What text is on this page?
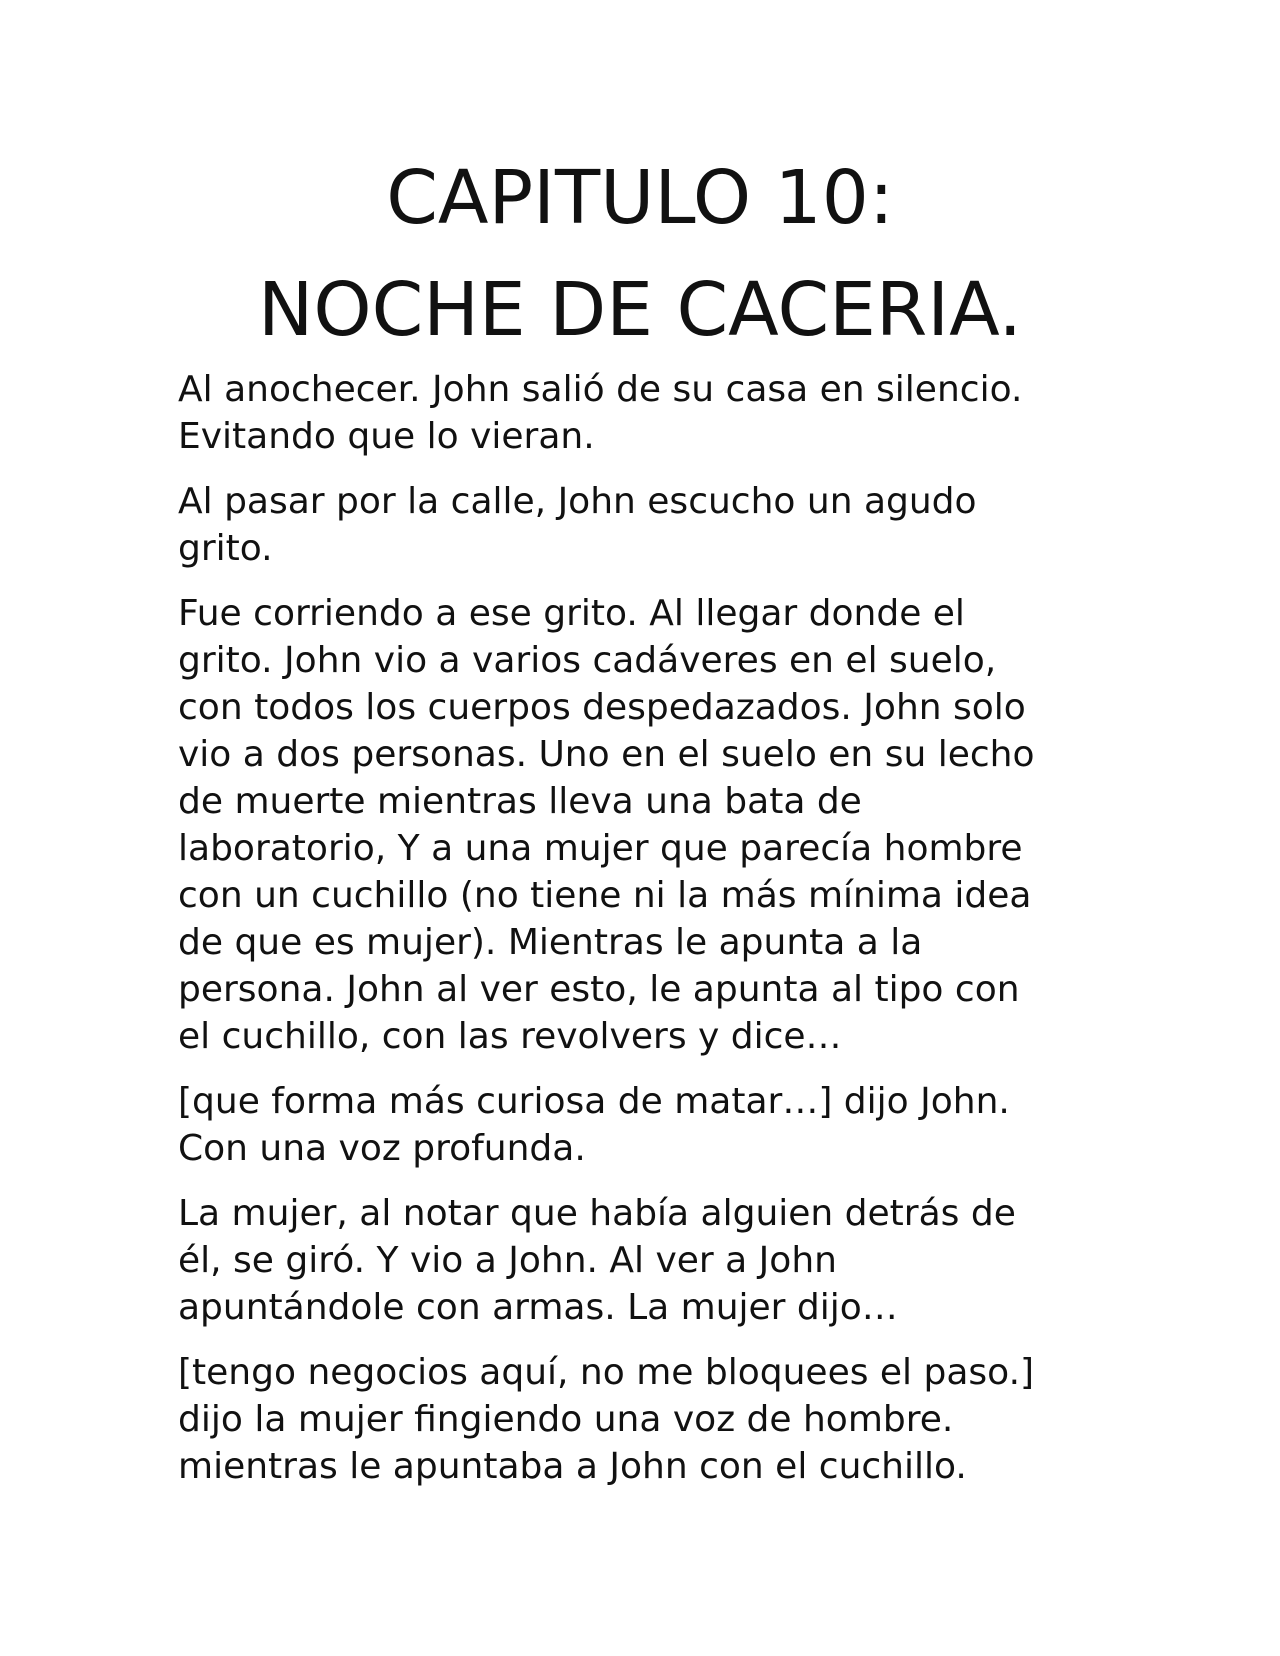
CAPITULO 10:
NOCHE DE CACERIA.

Al anochecer. John salió de su casa en silencio.
Evitando que lo vieran.

Al pasar por la calle, John escucho un agudo
grito.

Fue corriendo a ese grito. Al llegar donde el
grito. John vio a varios cadáveres en el suelo,
con todos los cuerpos despedazados. John solo
vio a dos personas. Uno en el suelo en su lecho
de muerte mientras lleva una bata de
laboratorio, Y a una mujer que parecía hombre
con un cuchillo (no tiene ni la más mínima idea
de que es mujer). Mientras le apunta a la
persona. John al ver esto, le apunta al tipo con
el cuchillo, con las revolvers y dice…

[que forma más curiosa de matar…] dijo John.
Con una voz profunda.

La mujer, al notar que había alguien detrás de
él, se giró. Y vio a John. Al ver a John
apuntándole con armas. La mujer dijo…

[tengo negocios aquí, no me bloquees el paso.]
dijo la mujer fingiendo una voz de hombre.
mientras le apuntaba a John con el cuchillo.
